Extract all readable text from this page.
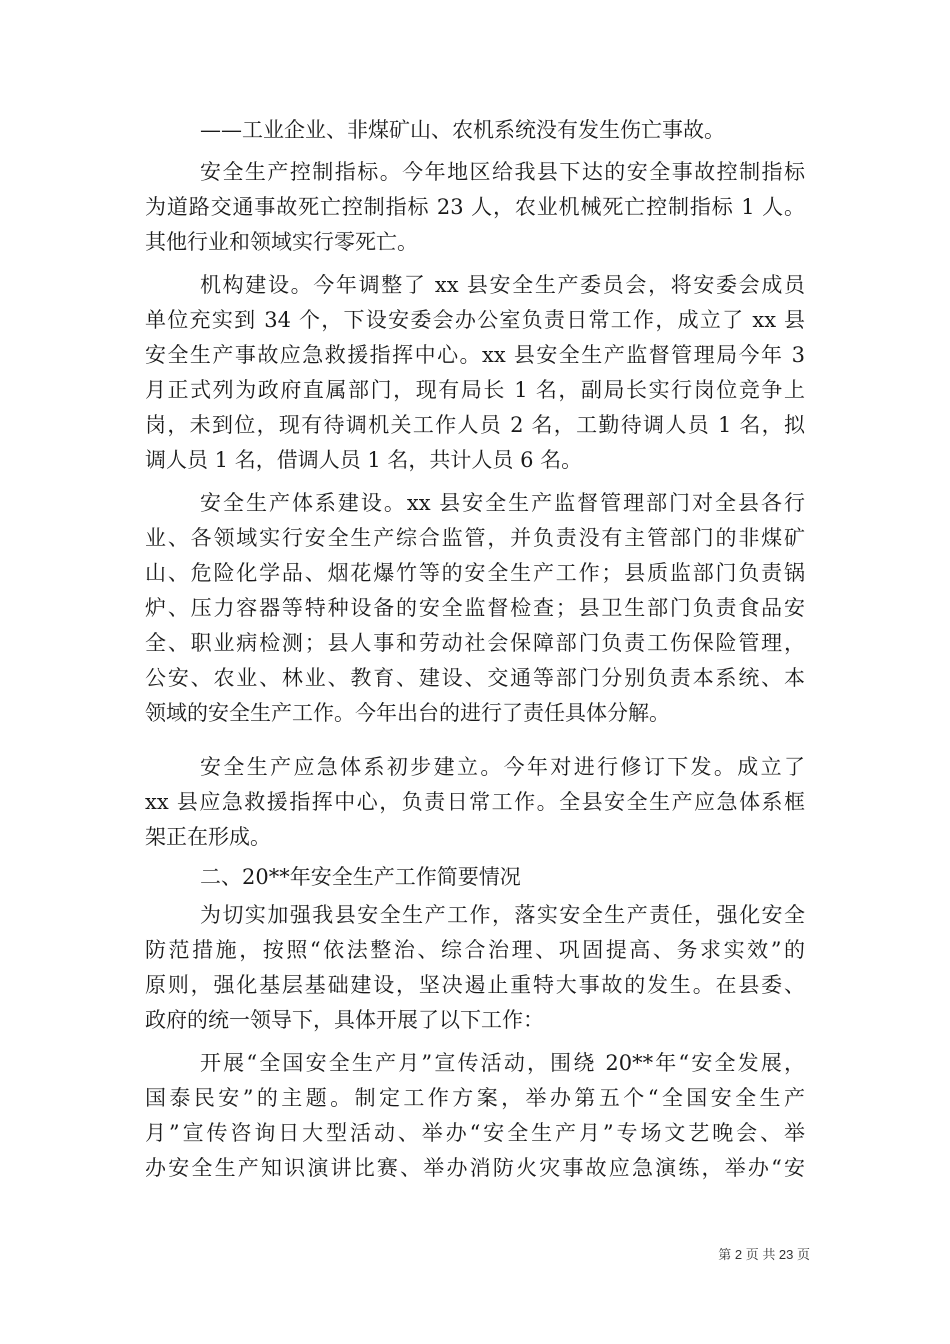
——工业企业、非煤矿山、农机系统没有发生伤亡事故。
安全生产控制指标。今年地区给我县下达的安全事故控制指标
为道路交通事故死亡控制指标 23 人，农业机械死亡控制指标 1 人。
其他行业和领域实行零死亡。
机构建设。今年调整了 xx 县安全生产委员会，将安委会成员
单位充实到 34 个，下设安委会办公室负责日常工作，成立了 xx 县
安全生产事故应急救援指挥中心。xx 县安全生产监督管理局今年 3
月正式列为政府直属部门，现有局长 1 名，副局长实行岗位竞争上
岗，未到位，现有待调机关工作人员 2 名，工勤待调人员 1 名，拟
调人员 1 名，借调人员 1 名，共计人员 6 名。
安全生产体系建设。xx 县安全生产监督管理部门对全县各行
业、各领域实行安全生产综合监管，并负责没有主管部门的非煤矿
山、危险化学品、烟花爆竹等的安全生产工作；县质监部门负责锅
炉、压力容器等特种设备的安全监督检查；县卫生部门负责食品安
全、职业病检测；县人事和劳动社会保障部门负责工伤保险管理，
公安、农业、林业、教育、建设、交通等部门分别负责本系统、本
领域的安全生产工作。今年出台的进行了责任具体分解。
安全生产应急体系初步建立。今年对进行修订下发。成立了
xx 县应急救援指挥中心，负责日常工作。全县安全生产应急体系框
架正在形成。
二、20**年安全生产工作简要情况
为切实加强我县安全生产工作，落实安全生产责任，强化安全
防范措施，按照“依法整治、综合治理、巩固提高、务求实效”的
原则，强化基层基础建设，坚决遏止重特大事故的发生。在县委、
政府的统一领导下，具体开展了以下工作：
开展“全国安全生产月”宣传活动，围绕 20**年“安全发展，
国泰民安”的主题。制定工作方案，举办第五个“全国安全生产
月”宣传咨询日大型活动、举办“安全生产月”专场文艺晚会、举
办安全生产知识演讲比赛、举办消防火灾事故应急演练，举办“安
第 2 页 共 23 页
